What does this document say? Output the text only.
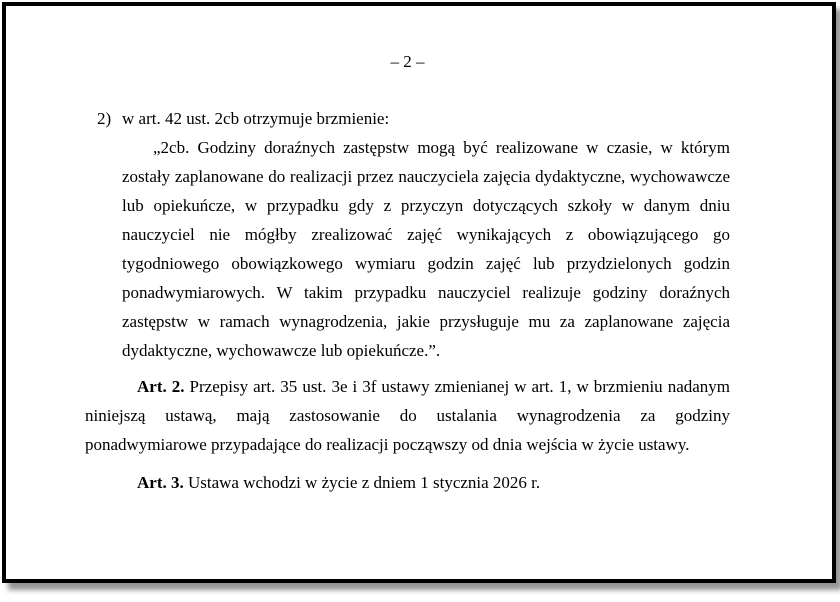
– 2 –
2) w art. 42 ust. 2cb otrzymuje brzmienie:

„2cb. Godziny doraźnych zastępstw mogą być realizowane w czasie, w którym zostały zaplanowane do realizacji przez nauczyciela zajęcia dydaktyczne, wychowawcze lub opiekuńcze, w przypadku gdy z przyczyn dotyczących szkoły w danym dniu nauczyciel nie mógłby zrealizować zajęć wynikających z obowiązującego go tygodniowego obowiązkowego wymiaru godzin zajęć lub przydzielonych godzin ponadwymiarowych. W takim przypadku nauczyciel realizuje godziny doraźnych zastępstw w ramach wynagrodzenia, jakie przysługuje mu za zaplanowane zajęcia dydaktyczne, wychowawcze lub opiekuńcze.”.

Art. 2. Przepisy art. 35 ust. 3e i 3f ustawy zmienianej w art. 1, w brzmieniu nadanym niniejszą ustawą, mają zastosowanie do ustalania wynagrodzenia za godziny ponadwymiarowe przypadające do realizacji począwszy od dnia wejścia w życie ustawy.

Art. 3. Ustawa wchodzi w życie z dniem 1 stycznia 2026 r.
